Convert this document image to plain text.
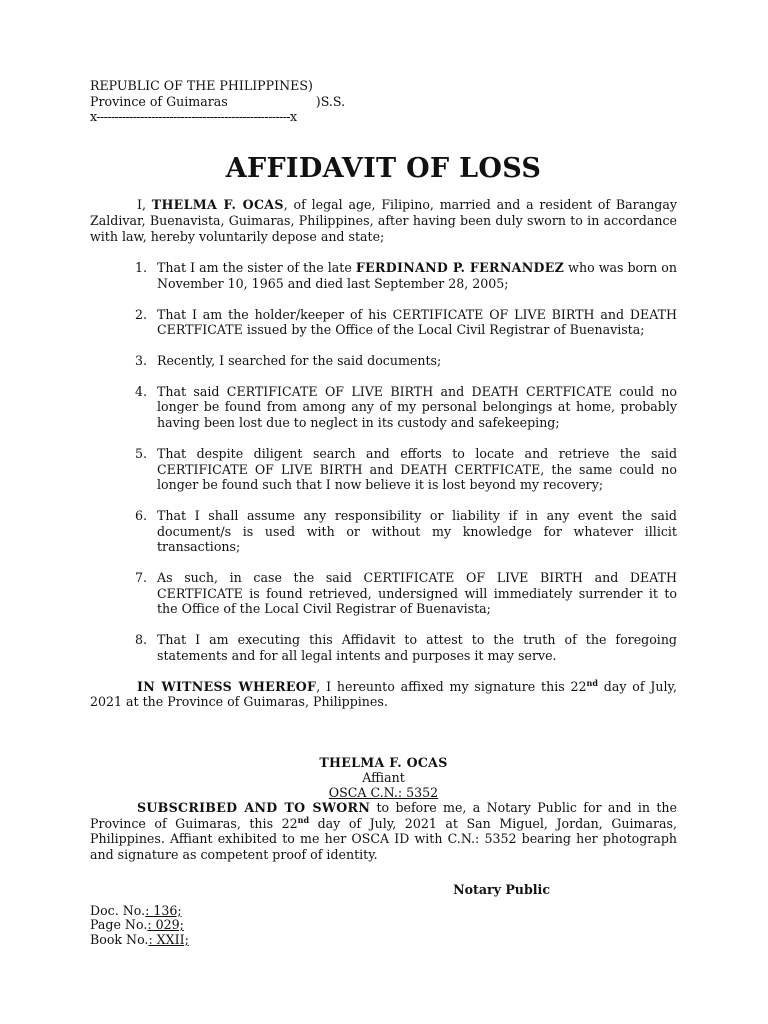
REPUBLIC OF THE PHILIPPINES)
Province of Guimaras                      )S.S.
x-----------------------------------------------------x
AFFIDAVIT OF LOSS

I, THELMA F. OCAS, of legal age, Filipino, married and a resident of Barangay Zaldivar, Buenavista, Guimaras, Philippines, after having been duly sworn to in accordance with law, hereby voluntarily depose and state;

1. That I am the sister of the late FERDINAND P. FERNANDEZ who was born on November 10, 1965 and died last September 28, 2005;
2. That I am the holder/keeper of his CERTIFICATE OF LIVE BIRTH and DEATH CERTFICATE issued by the Office of the Local Civil Registrar of Buenavista;
3. Recently, I searched for the said documents;
4. That said CERTIFICATE OF LIVE BIRTH and DEATH CERTFICATE could no longer be found from among any of my personal belongings at home, probably having been lost due to neglect in its custody and safekeeping;
5. That despite diligent search and efforts to locate and retrieve the said CERTIFICATE OF LIVE BIRTH and DEATH CERTFICATE, the same could no longer be found such that I now believe it is lost beyond my recovery;
6. That I shall assume any responsibility or liability if in any event the said document/s is used with or without my knowledge for whatever illicit transactions;
7. As such, in case the said CERTIFICATE OF LIVE BIRTH and DEATH CERTFICATE is found retrieved, undersigned will immediately surrender it to the Office of the Local Civil Registrar of Buenavista;
8. That I am executing this Affidavit to attest to the truth of the foregoing statements and for all legal intents and purposes it may serve.

IN WITNESS WHEREOF, I hereunto affixed my signature this 22nd day of July, 2021 at the Province of Guimaras, Philippines.

THELMA F. OCAS
Affiant
OSCA C.N.: 5352

SUBSCRIBED AND TO SWORN to before me, a Notary Public for and in the Province of Guimaras, this 22nd day of July, 2021 at San Miguel, Jordan, Guimaras, Philippines. Affiant exhibited to me her OSCA ID with C.N.: 5352 bearing her photograph and signature as competent proof of identity.

Notary Public
Doc. No.: 136;
Page No.: 029;
Book No.: XXII;
